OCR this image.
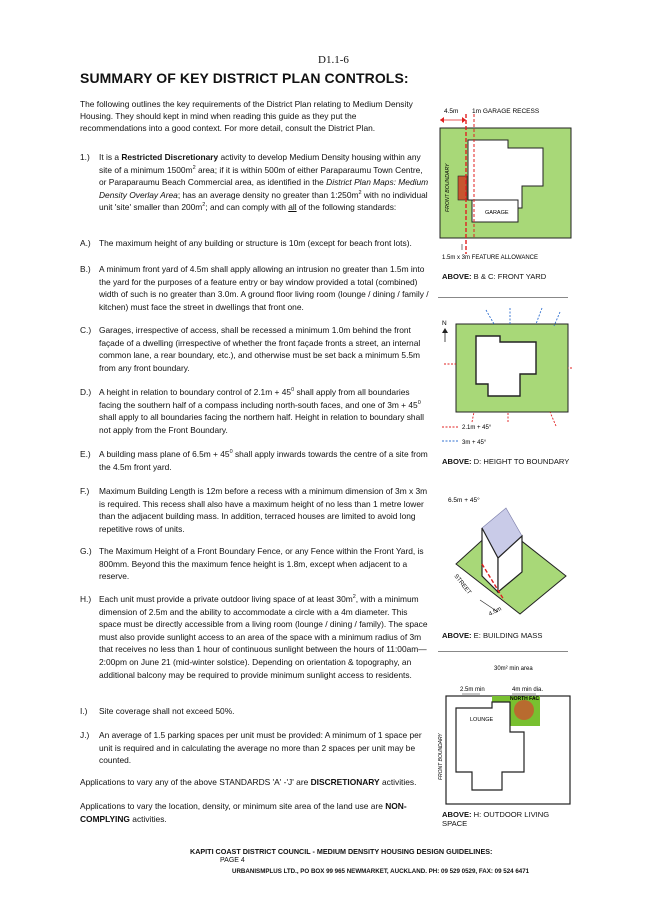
D1.1-6
SUMMARY OF KEY DISTRICT PLAN CONTROLS:
The following outlines the key requirements of the District Plan relating to Medium Density Housing. They should kept in mind when reading this guide as they put the recommendations into a good context. For more detail, consult the District Plan.
1.)	It is a Restricted Discretionary activity to develop Medium Density housing within any site of a minimum $1500m^2$ area; if it is within 500m of either Paraparaumu Town Centre, or Paraparaumu Beach Commercial area, as identified in the District Plan Maps: Medium Density Overlay Area; has an average density no greater than $1:250m^2$ with no individual unit 'site' smaller than $200m^2$; and can comply with all of the following standards:
A.) The maximum height of any building or structure is 10m (except for beach front lots).
B.) A minimum front yard of 4.5m shall apply allowing an intrusion no greater than 1.5m into the yard for the purposes of a feature entry or bay window provided a total (combined) width of such is no greater than 3.0m. A ground floor living room (lounge / dining / family / kitchen) must face the street in dwellings that front one.
C.) Garages, irrespective of access, shall be recessed a minimum 1.0m behind the front façade of a dwelling (irrespective of whether the front façade fronts a street, an internal common lane, a rear boundary, etc.), and otherwise must be set back a minimum 5.5m from any front boundary.
D.) A height in relation to boundary control of $2.1m + 45^0$ shall apply from all boundaries facing the southern half of a compass including north-south faces, and one of $3m + 45^0$ shall apply to all boundaries facing the northern half. Height in relation to boundary shall not apply from the Front Boundary.
E.) A building mass plane of $6.5m + 45^0$ shall apply inwards towards the centre of a site from the 4.5m front yard.
F.)	Maximum Building Length is 12m before a recess with a minimum dimension of 3m x 3m is required. This recess shall also have a maximum height of no less than 1 metre lower than the adjacent building mass. In addition, terraced houses are limited to avoid long repetitive rows of units.
G.) The Maximum Height of a Front Boundary Fence, or any Fence within the Front Yard, is 800mm. Beyond this the maximum fence height is 1.8m, except when adjacent to a reserve.
H.) Each unit must provide a private outdoor living space of at least $30m^2$, with a minimum dimension of 2.5m and the ability to accommodate a circle with a 4m diameter. This space must be directly accessible from a living room (lounge / dining / family). The space must also provide sunlight access to an area of the space with a minimum radius of 3m that receives no less than 1 hour of continuous sunlight between the hours of 11:00am—2:00pm on June 21 (mid-winter solstice). Depending on orientation & topography, an additional balcony may be required to provide minimum sunlight access to residents.
I.)	Site coverage shall not exceed 50%.
J.)	An average of 1.5 parking spaces per unit must be provided: A minimum of 1 space per unit is required and in calculating the average no more than 2 spaces per unit may be counted.
Applications to vary any of the above STANDARDS 'A' -'J' are DISCRETIONARY activities.
Applications to vary the location, density, or minimum site area of the land use are NON-COMPLYING activities.
4.5m 1m GARAGE RECESS
GARAGE
FRONT BOUNDARY
1.5m x 3m FEATURE ALLOWANCE
ABOVE: B & C: FRONT YARD
N
2.1m + 45°
3m + 45°
ABOVE: D: HEIGHT TO BOUNDARY
6.5m + 45°
STREET
4.5m
ABOVE: E: BUILDING MASS
30m² min area
2.5m min	4m min dia.
NORTH FAC
LOUNGE
FRONT BOUNDARY
ABOVE: H: OUTDOOR LIVING SPACE
KAPITI COAST DISTRICT COUNCIL - MEDIUM DENSITY HOUSING DESIGN GUIDELINES:
PAGE 4
URBANISMPLUS LTD., PO BOX 99 965 NEWMARKET, AUCKLAND. PH: 09 529 0529, FAX: 09 524 6471
